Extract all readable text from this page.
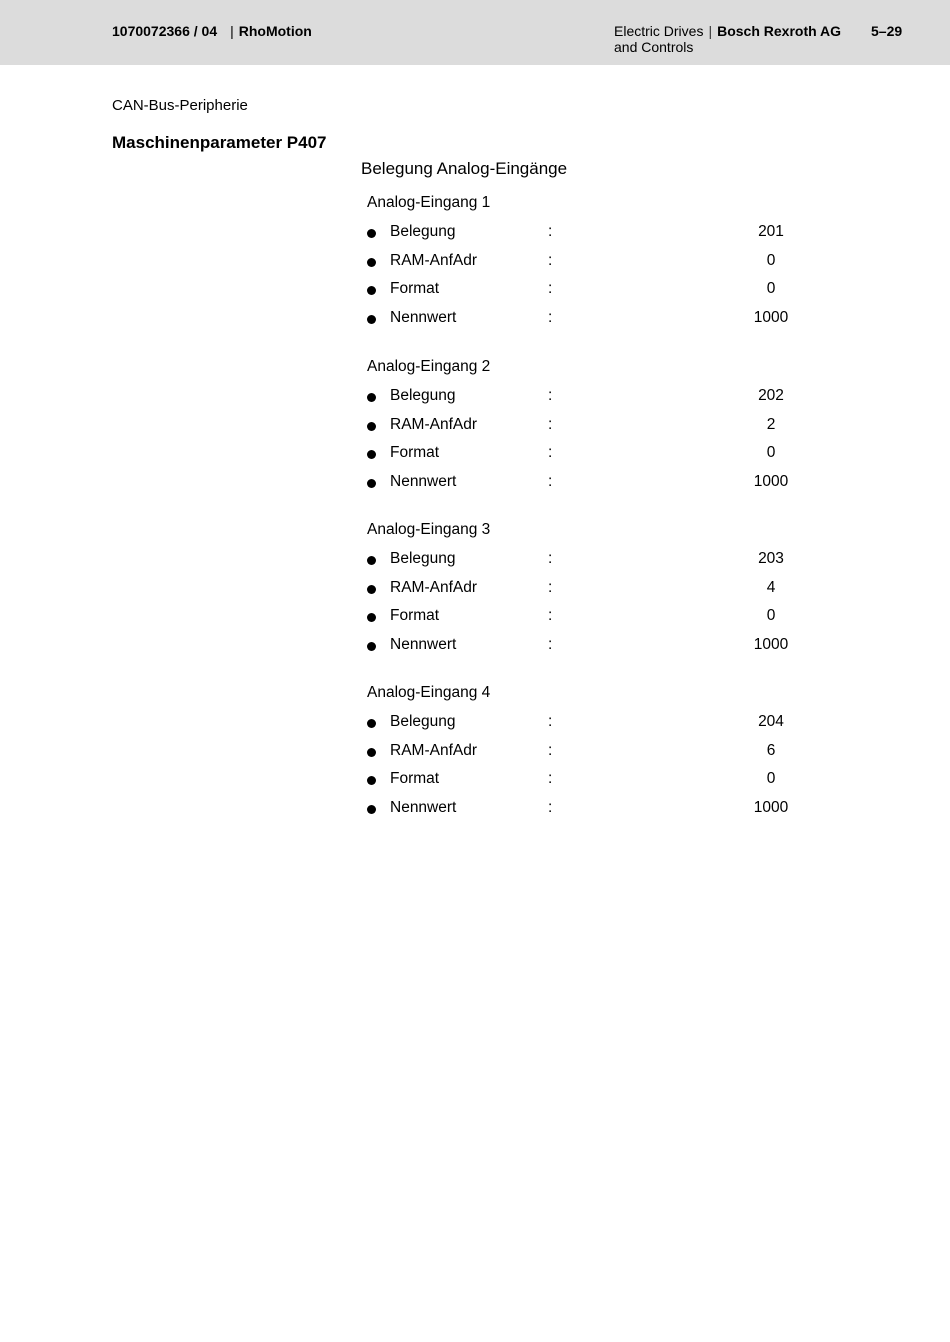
1070072366 / 04 | RhoMotion	Electric Drives | Bosch Rexroth AG
and Controls
5–29
CAN-Bus-Peripherie
Maschinenparameter P407
Belegung Analog-Eingänge
Analog-Eingang 1
Belegung	:	201
RAM-AnfAdr	:	0
Format	:	0
Nennwert	:	1000
Analog-Eingang 2
Belegung	:	202
RAM-AnfAdr	:	2
Format	:	0
Nennwert	:	1000
Analog-Eingang 3
Belegung	:	203
RAM-AnfAdr	:	4
Format	:	0
Nennwert	:	1000
Analog-Eingang 4
Belegung	:	204
RAM-AnfAdr	:	6
Format	:	0
Nennwert	:	1000
